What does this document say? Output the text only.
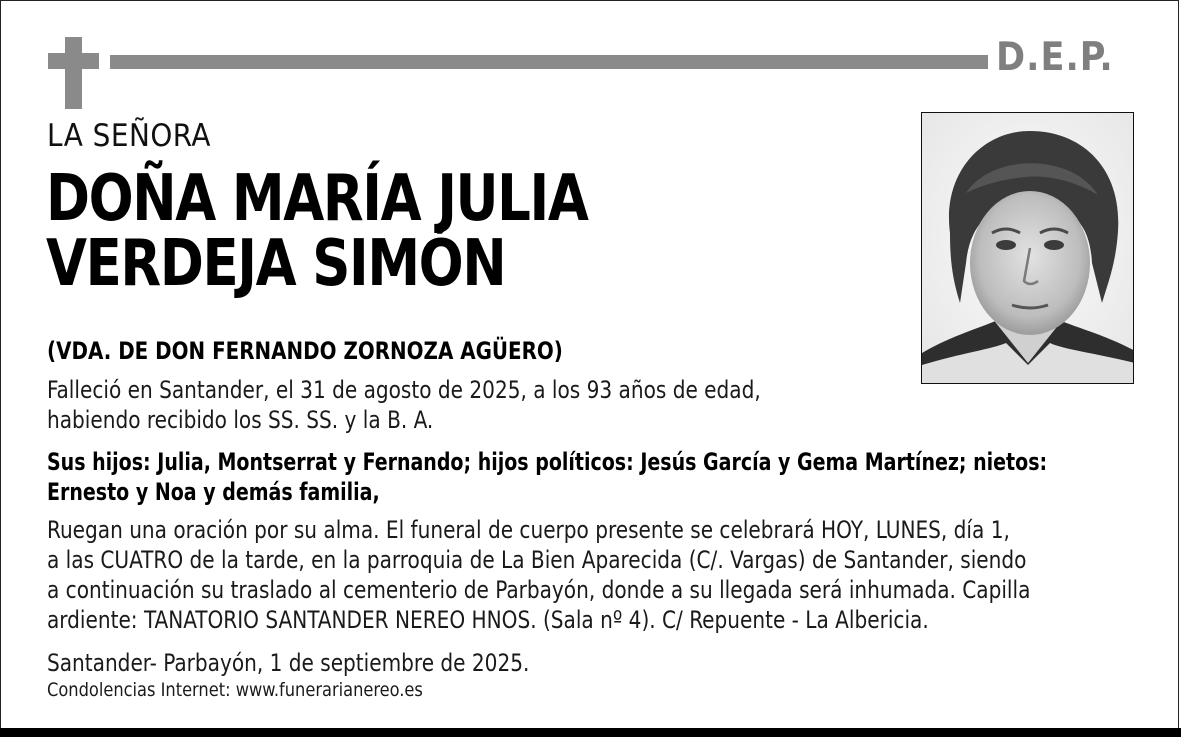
D.E.P.
LA SEÑORA
DOÑA MARÍA JULIA
VERDEJA SIMÓN
(VDA. DE DON FERNANDO ZORNOZA AGÜERO)
Falleció en Santander, el 31 de agosto de 2025, a los 93 años de edad,
habiendo recibido los SS. SS. y la B. A.
Sus hijos: Julia, Montserrat y Fernando; hijos políticos: Jesús García y Gema Martínez; nietos:
Ernesto y Noa y demás familia,
Ruegan una oración por su alma. El funeral de cuerpo presente se celebrará HOY, LUNES, día 1,
a las CUATRO de la tarde, en la parroquia de La Bien Aparecida (C/. Vargas) de Santander, siendo
a continuación su traslado al cementerio de Parbayón, donde a su llegada será inhumada. Capilla
ardiente: TANATORIO SANTANDER NEREO HNOS. (Sala nº 4). C/ Repuente - La Albericia.
Santander- Parbayón, 1 de septiembre de 2025.
Condolencias Internet: www.funerarianereo.es
